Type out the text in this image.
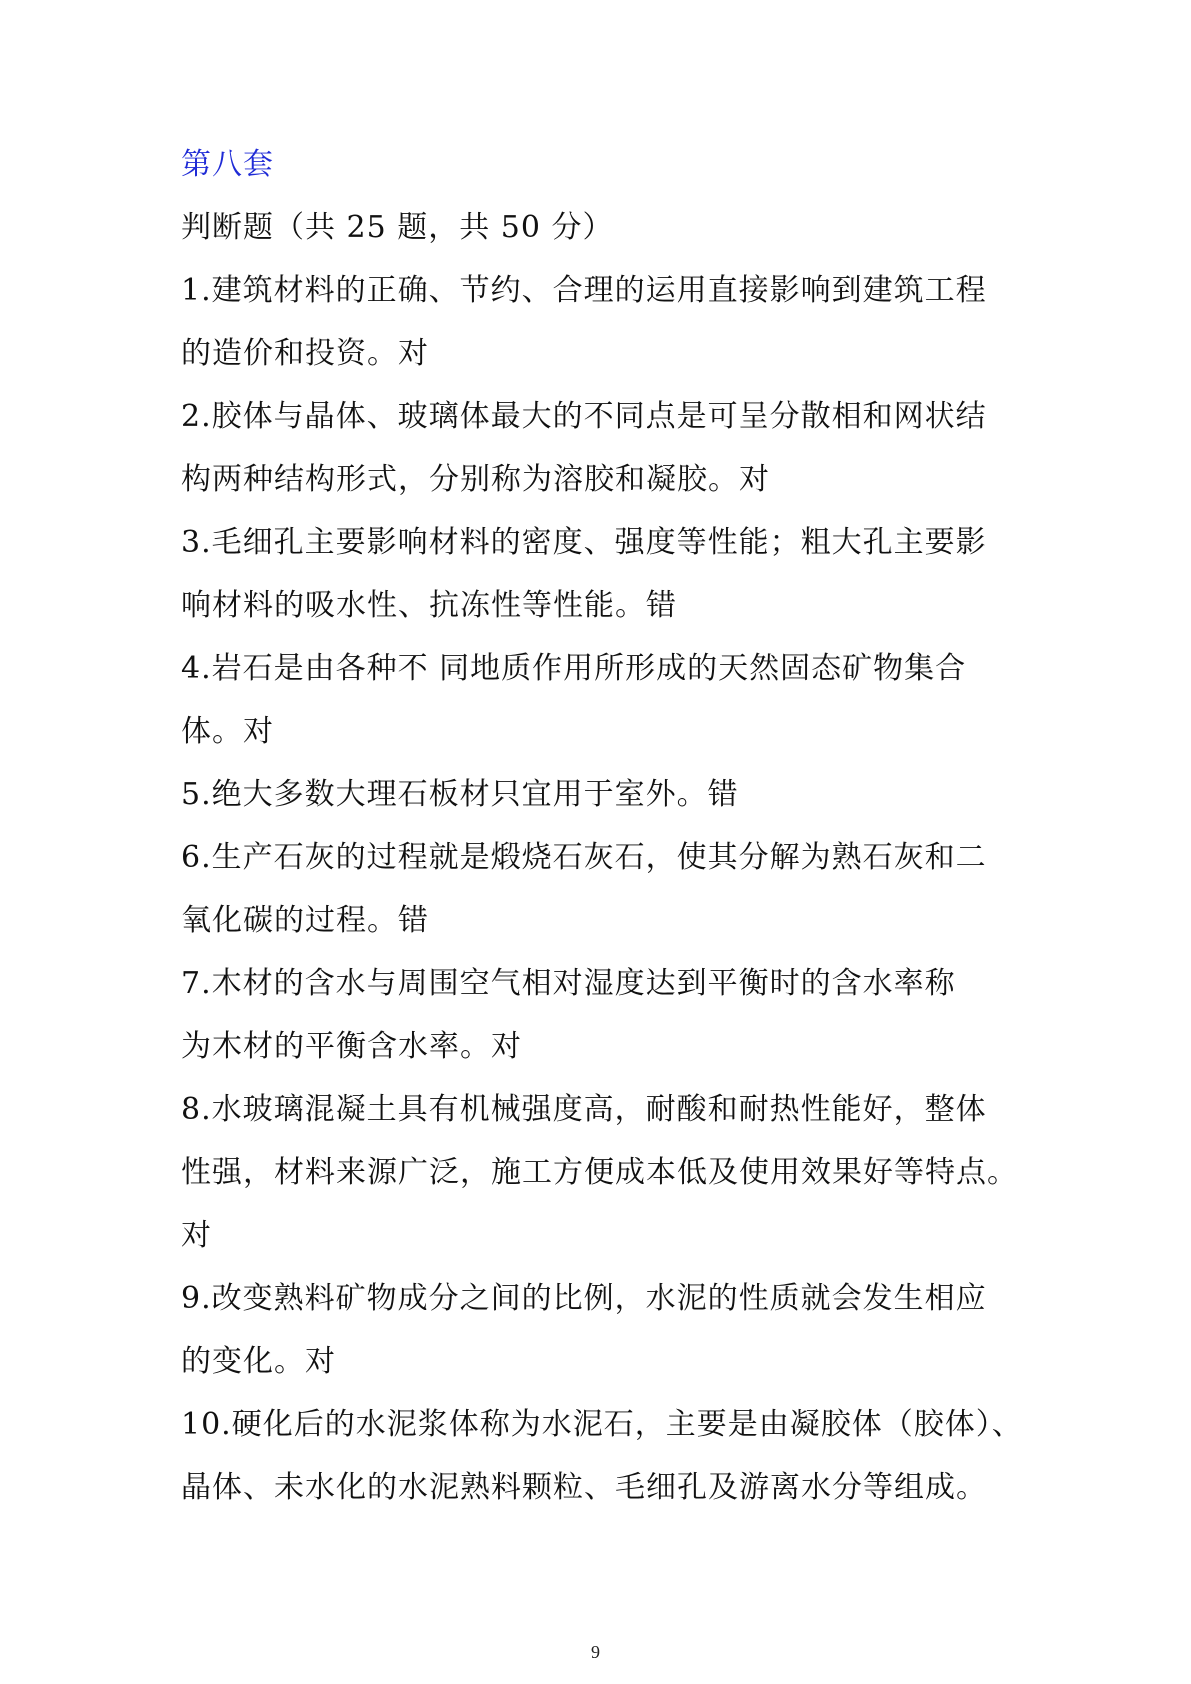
第八套
判断题（共 25 题，共 50 分）
1.建筑材料的正确、节约、合理的运用直接影响到建筑工程
的造价和投资。对
2.胶体与晶体、玻璃体最大的不同点是可呈分散相和网状结
构两种结构形式，分别称为溶胶和凝胶。对
3.毛细孔主要影响材料的密度、强度等性能；粗大孔主要影
响材料的吸水性、抗冻性等性能。错
4.岩石是由各种不 同地质作用所形成的天然固态矿物集合
体。对
5.绝大多数大理石板材只宜用于室外。错
6.生产石灰的过程就是煅烧石灰石，使其分解为熟石灰和二
氧化碳的过程。错
7.木材的含水与周围空气相对湿度达到平衡时的含水率称
为木材的平衡含水率。对
8.水玻璃混凝土具有机械强度高，耐酸和耐热性能好，整体
性强，材料来源广泛，施工方便成本低及使用效果好等特点。
对
9.改变熟料矿物成分之间的比例，水泥的性质就会发生相应
的变化。对
10.硬化后的水泥浆体称为水泥石，主要是由凝胶体（胶体）、
晶体、未水化的水泥熟料颗粒、毛细孔及游离水分等组成。
9
